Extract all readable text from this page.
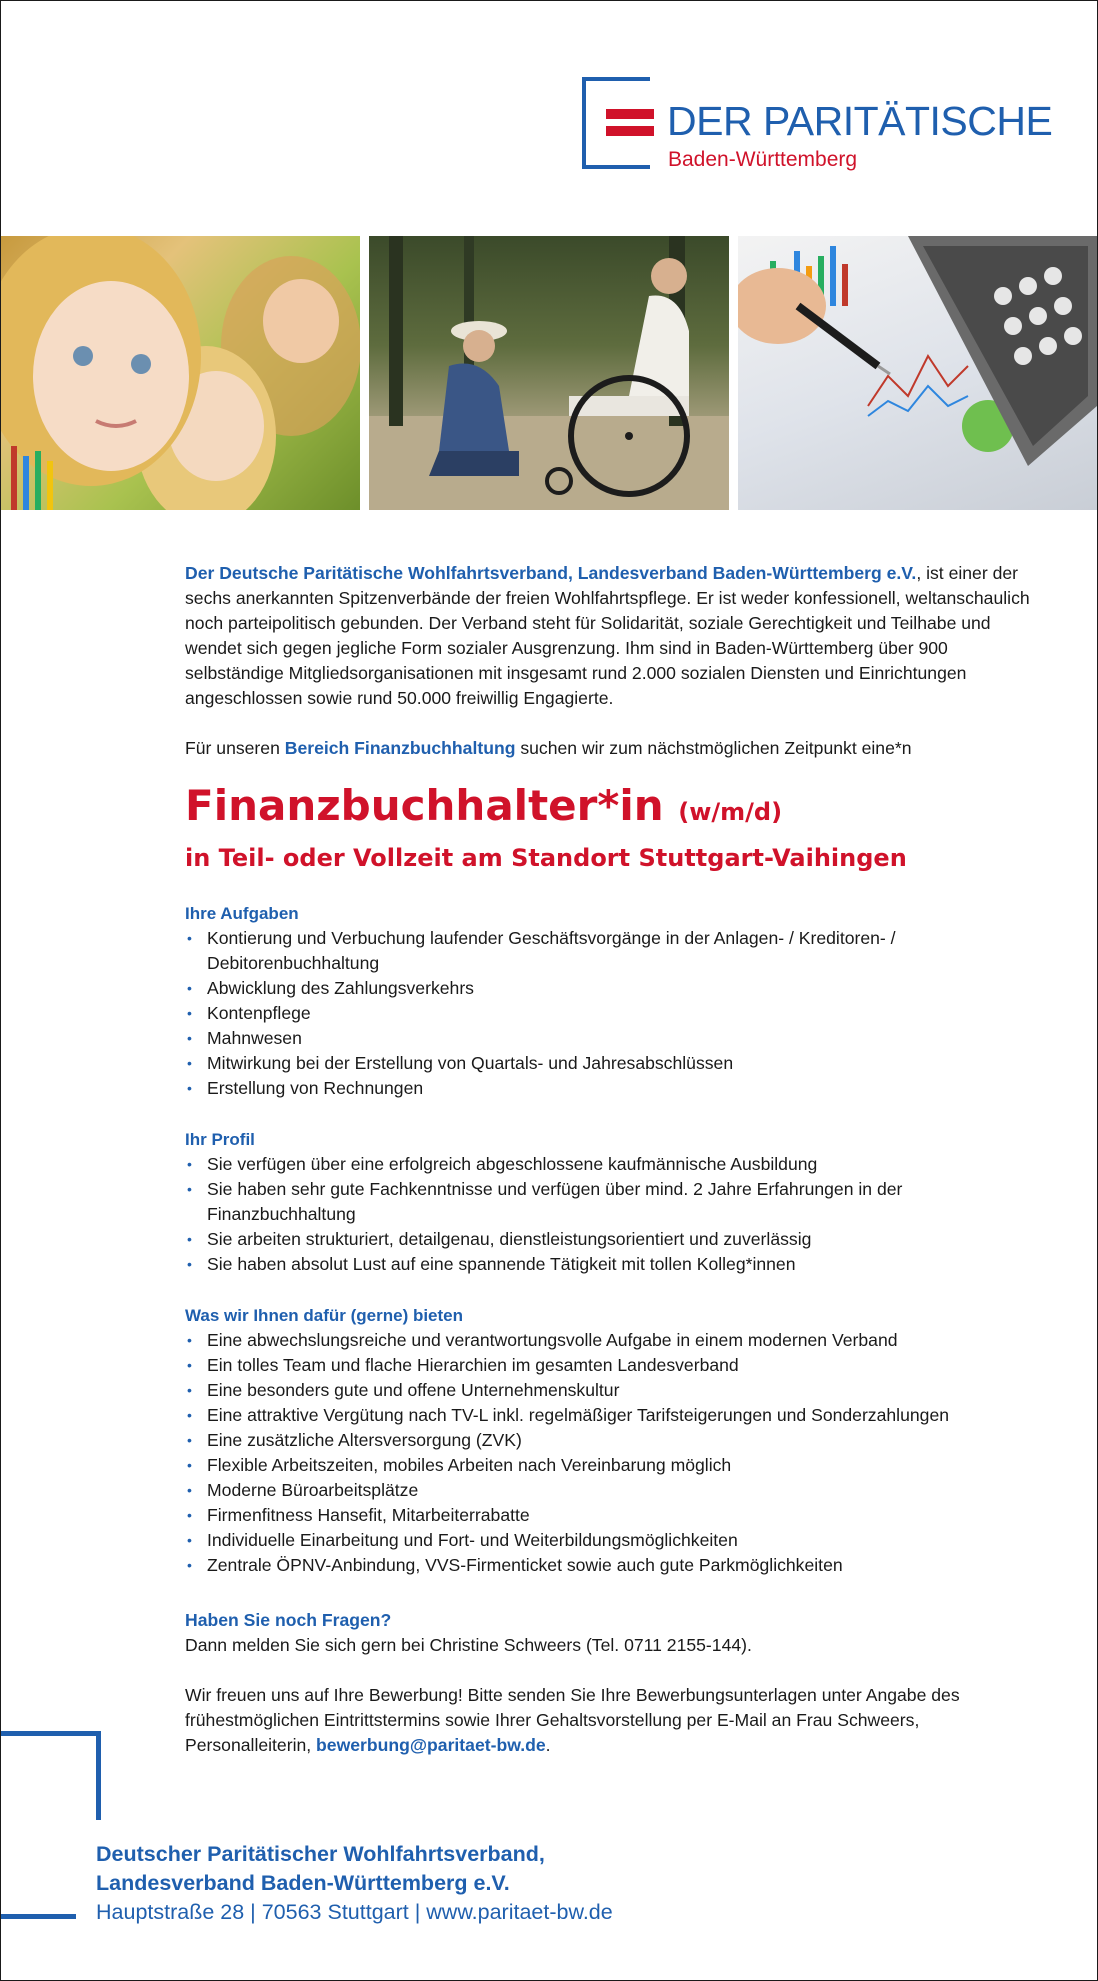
DER PARITÄTISCHE
Baden-Württemberg

Der Deutsche Paritätische Wohlfahrtsverband, Landesverband Baden-Württemberg e.V., ist einer der sechs anerkannten Spitzenverbände der freien Wohlfahrtspflege. Er ist weder konfessionell, weltanschaulich noch parteipolitisch gebunden. Der Verband steht für Solidarität, soziale Gerechtigkeit und Teilhabe und wendet sich gegen jegliche Form sozialer Ausgrenzung. Ihm sind in Baden-Württemberg über 900 selbständige Mitgliedsorganisationen mit insgesamt rund 2.000 sozialen Diensten und Einrichtungen angeschlossen sowie rund 50.000 freiwillig Engagierte.

Für unseren Bereich Finanzbuchhaltung suchen wir zum nächstmöglichen Zeitpunkt eine*n

Finanzbuchhalter*in (w/m/d)
in Teil- oder Vollzeit am Standort Stuttgart-Vaihingen
Ihre Aufgaben
• Kontierung und Verbuchung laufender Geschäftsvorgänge in der Anlagen- / Kreditoren- / Debitorenbuchhaltung
• Abwicklung des Zahlungsverkehrs
• Kontenpflege
• Mahnwesen
• Mitwirkung bei der Erstellung von Quartals- und Jahresabschlüssen
• Erstellung von Rechnungen
Ihr Profil
• Sie verfügen über eine erfolgreich abgeschlossene kaufmännische Ausbildung
• Sie haben sehr gute Fachkenntnisse und verfügen über mind. 2 Jahre Erfahrungen in der Finanzbuchhaltung
• Sie arbeiten strukturiert, detailgenau, dienstleistungsorientiert und zuverlässig
• Sie haben absolut Lust auf eine spannende Tätigkeit mit tollen Kolleg*innen
Was wir Ihnen dafür (gerne) bieten
• Eine abwechslungsreiche und verantwortungsvolle Aufgabe in einem modernen Verband
• Ein tolles Team und flache Hierarchien im gesamten Landesverband
• Eine besonders gute und offene Unternehmenskultur
• Eine attraktive Vergütung nach TV-L inkl. regelmäßiger Tarifsteigerungen und Sonderzahlungen
• Eine zusätzliche Altersversorgung (ZVK)
• Flexible Arbeitszeiten, mobiles Arbeiten nach Vereinbarung möglich
• Moderne Büroarbeitsplätze
• Firmenfitness Hansefit, Mitarbeiterrabatte
• Individuelle Einarbeitung und Fort- und Weiterbildungsmöglichkeiten
• Zentrale ÖPNV-Anbindung, VVS-Firmenticket sowie auch gute Parkmöglichkeiten
Haben Sie noch Fragen?
Dann melden Sie sich gern bei Christine Schweers (Tel. 0711 2155-144).
Wir freuen uns auf Ihre Bewerbung! Bitte senden Sie Ihre Bewerbungsunterlagen unter Angabe des frühestmöglichen Eintrittstermins sowie Ihrer Gehaltsvorstellung per E-Mail an Frau Schweers, Personalleiterin, bewerbung@paritaet-bw.de.
Deutscher Paritätischer Wohlfahrtsverband,
Landesverband Baden-Württemberg e.V.
Hauptstraße 28 | 70563 Stuttgart | www.paritaet-bw.de
